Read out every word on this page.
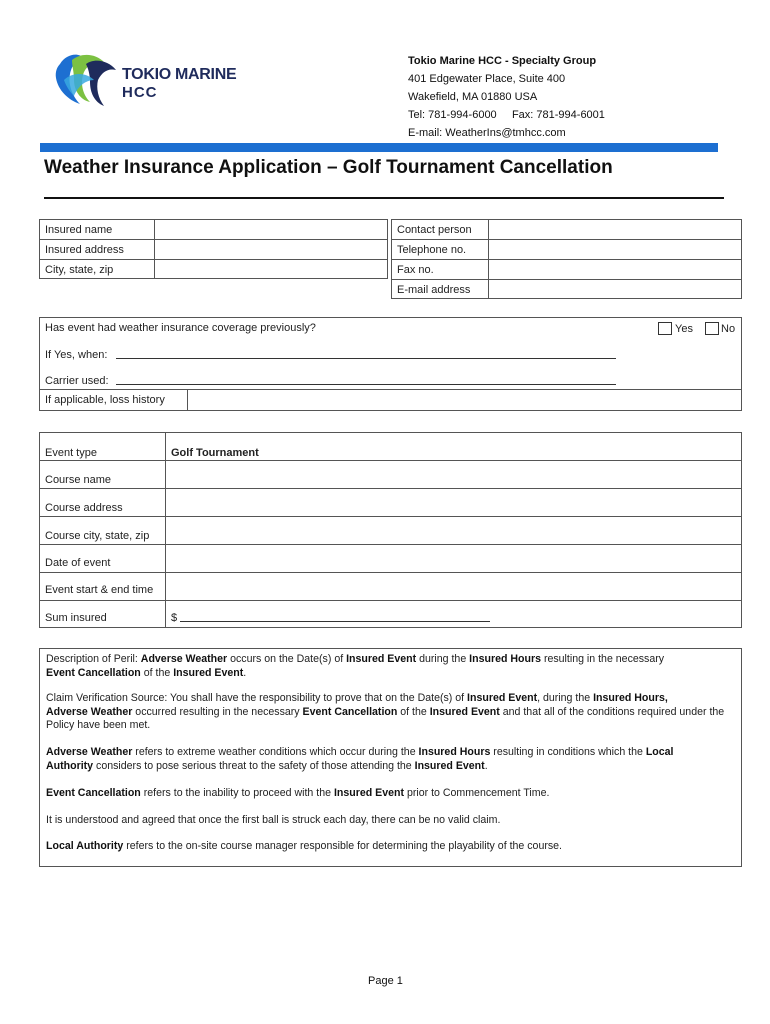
TOKIO MARINE
HCC
Tokio Marine HCC - Specialty Group
401 Edgewater Place, Suite 400
Wakefield, MA 01880 USA
Tel: 781-994-6000     Fax: 781-994-6001
E-mail: WeatherIns@tmhcc.com
Weather Insurance Application – Golf Tournament Cancellation
Insured name
Insured address
City, state, zip
Contact person
Telephone no.
Fax no.
E-mail address
Has event had weather insurance coverage previously?	Yes	No
If Yes, when:
Carrier used:
If applicable, loss history
Event type	Golf Tournament
Course name
Course address
Course city, state, zip
Date of event
Event start & end time
Sum insured	$
Description of Peril: Adverse Weather occurs on the Date(s) of Insured Event during the Insured Hours resulting in the necessary
Event Cancellation of the Insured Event.
Claim Verification Source: You shall have the responsibility to prove that on the Date(s) of Insured Event, during the Insured Hours,
Adverse Weather occurred resulting in the necessary Event Cancellation of the Insured Event and that all of the conditions required under the Policy have been met.
Adverse Weather refers to extreme weather conditions which occur during the Insured Hours resulting in conditions which the Local
Authority considers to pose serious threat to the safety of those attending the Insured Event.
Event Cancellation refers to the inability to proceed with the Insured Event prior to Commencement Time.
It is understood and agreed that once the first ball is struck each day, there can be no valid claim.
Local Authority refers to the on-site course manager responsible for determining the playability of the course.
Page 1
